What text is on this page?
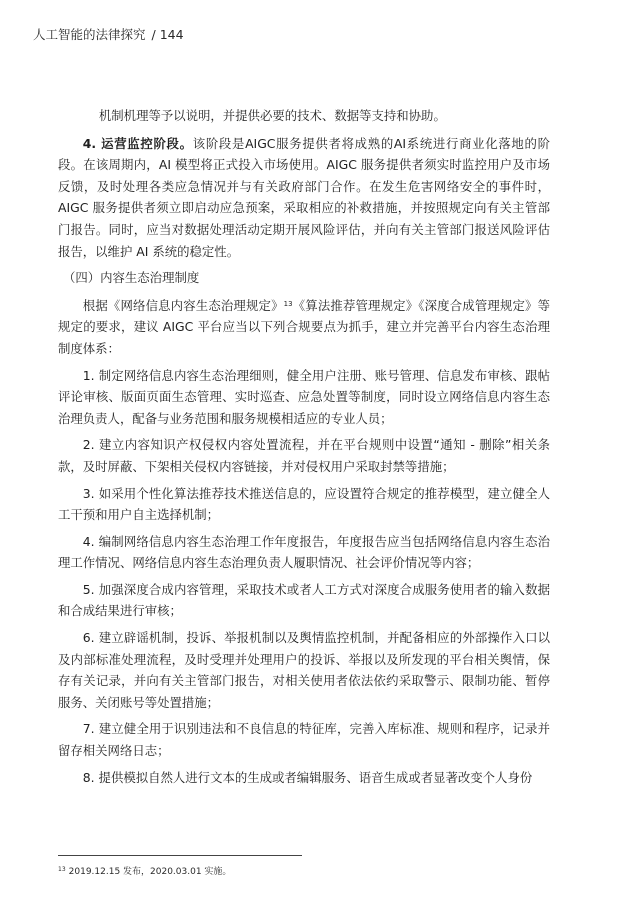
人工智能的法律探究 / 144

机制机理等予以说明，并提供必要的技术、数据等支持和协助。

4. 运营监控阶段。该阶段是AIGC服务提供者将成熟的AI系统进行商业化落地的阶段。在该周期内，AI 模型将正式投入市场使用。AIGC 服务提供者须实时监控用户及市场反馈，及时处理各类应急情况并与有关政府部门合作。在发生危害网络安全的事件时，AIGC 服务提供者须立即启动应急预案，采取相应的补救措施，并按照规定向有关主管部门报告。同时，应当对数据处理活动定期开展风险评估，并向有关主管部门报送风险评估报告，以维护 AI 系统的稳定性。

（四）内容生态治理制度

根据《网络信息内容生态治理规定》$^{13}$《算法推荐管理规定》《深度合成管理规定》等规定的要求，建议 AIGC 平台应当以下列合规要点为抓手，建立并完善平台内容生态治理制度体系：

1. 制定网络信息内容生态治理细则，健全用户注册、账号管理、信息发布审核、跟帖评论审核、版面页面生态管理、实时巡查、应急处置等制度，同时设立网络信息内容生态治理负责人，配备与业务范围和服务规模相适应的专业人员；

2. 建立内容知识产权侵权内容处置流程，并在平台规则中设置“通知 - 删除”相关条款，及时屏蔽、下架相关侵权内容链接，并对侵权用户采取封禁等措施；

3. 如采用个性化算法推荐技术推送信息的，应设置符合规定的推荐模型，建立健全人工干预和用户自主选择机制；

4. 编制网络信息内容生态治理工作年度报告，年度报告应当包括网络信息内容生态治理工作情况、网络信息内容生态治理负责人履职情况、社会评价情况等内容；

5. 加强深度合成内容管理，采取技术或者人工方式对深度合成服务使用者的输入数据和合成结果进行审核；

6. 建立辟谣机制，投诉、举报机制以及舆情监控机制，并配备相应的外部操作入口以及内部标准处理流程，及时受理并处理用户的投诉、举报以及所发现的平台相关舆情，保存有关记录，并向有关主管部门报告，对相关使用者依法依约采取警示、限制功能、暂停服务、关闭账号等处置措施；

7. 建立健全用于识别违法和不良信息的特征库，完善入库标准、规则和程序，记录并留存相关网络日志；

8. 提供模拟自然人进行文本的生成或者编辑服务、语音生成或者显著改变个人身份

$^{13}$ 2019.12.15 发布，2020.03.01 实施。
